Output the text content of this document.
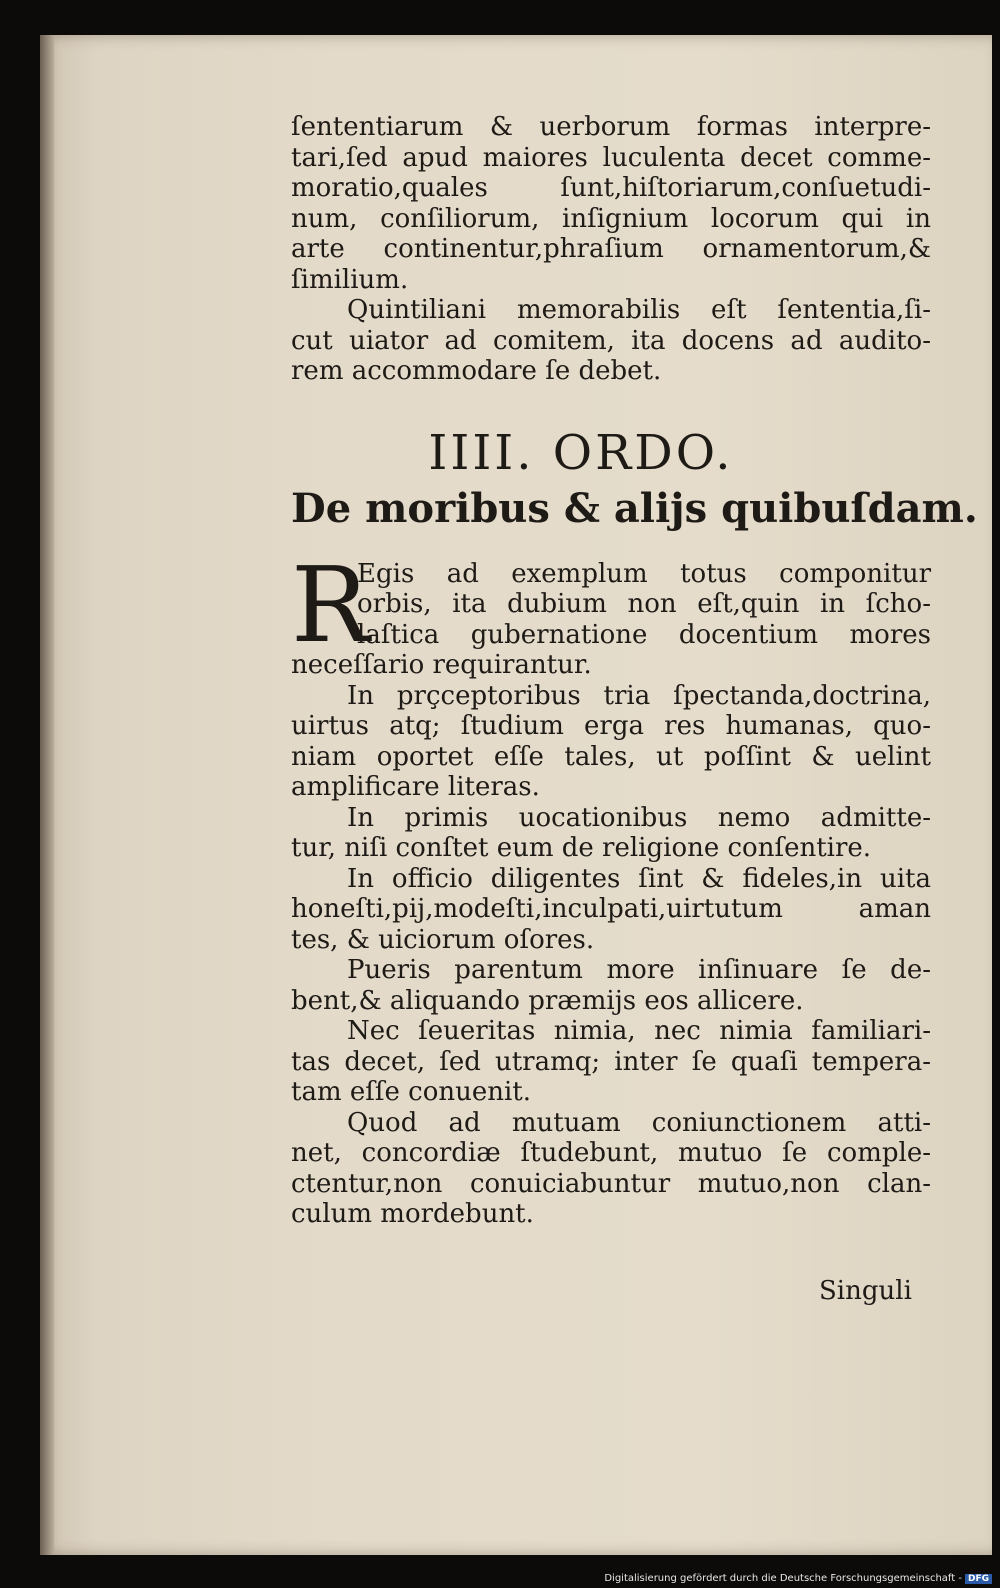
ſententiarum & uerborum formas interpre-
tari,ſed apud maiores luculenta decet comme-
moratio,quales ſunt,hiſtoriarum,conſuetudi-
num, conſiliorum, inſignium locorum qui in
arte continentur,phraſium ornamentorum,&
ſimilium.
Quintiliani memorabilis eſt ſententia,ſi-
cut uiator ad comitem, ita docens ad audito-
rem accommodare ſe debet.
IIII. ORDO.
De moribus & alijs quibuſdam.
R
Egis ad exemplum totus componitur
orbis, ita dubium non eſt,quin in ſcho-
laſtica gubernatione docentium mores
neceſſario requirantur.
In prçceptoribus tria ſpectanda,doctrina,
uirtus atq; ſtudium erga res humanas, quo-
niam oportet eſſe tales, ut poſſint & uelint
amplificare literas.
In primis uocationibus nemo admitte-
tur, niſi conſtet eum de religione conſentire.
In officio diligentes ſint & fideles,in uita
honeſti,pij,modeſti,inculpati,uirtutum aman
tes, & uiciorum oſores.
Pueris parentum more inſinuare ſe de-
bent,& aliquando præmijs eos allicere.
Nec ſeueritas nimia, nec nimia familiari-
tas decet, ſed utramq; inter ſe quaſi tempera-
tam eſſe conuenit.
Quod ad mutuam coniunctionem atti-
net, concordiæ ſtudebunt, mutuo ſe comple-
ctentur,non conuiciabuntur mutuo,non clan-
culum mordebunt.
Singuli
Digitalisierung gefördert durch die Deutsche Forschungsgemeinschaft - DFG
